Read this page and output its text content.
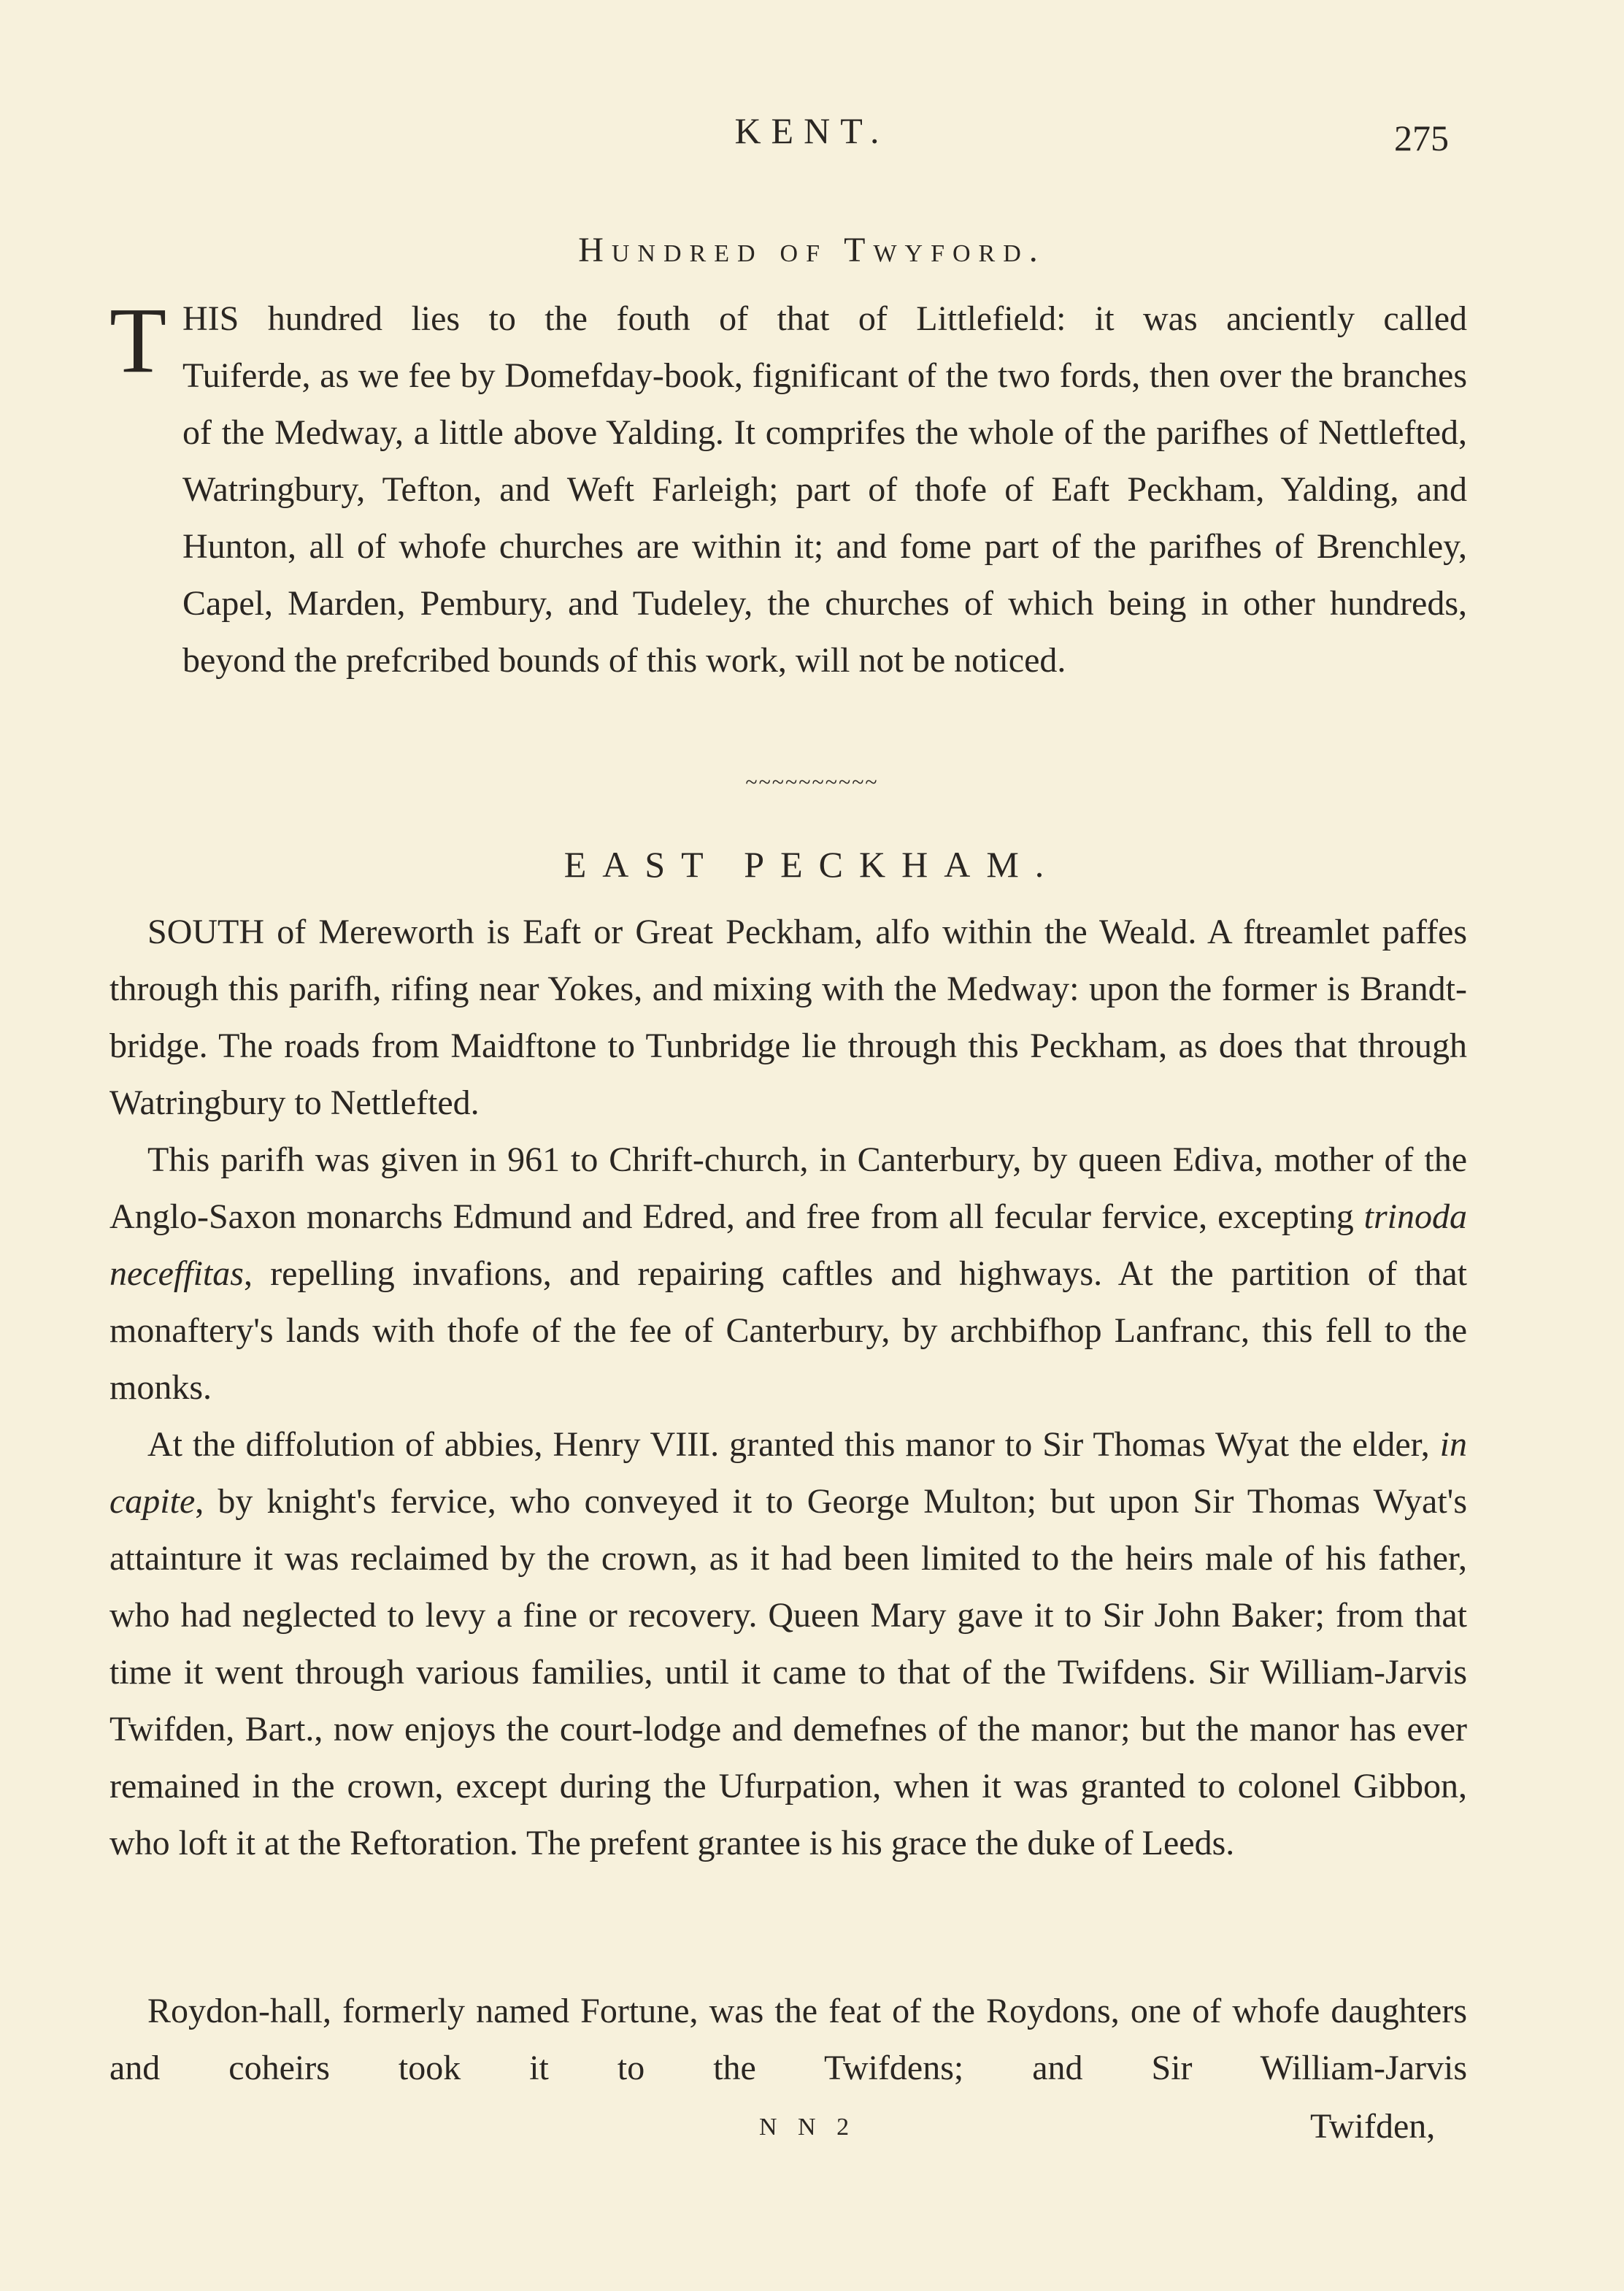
KENT.	275
Hundred of Twyford.
T HIS hundred lies to the fouth of that of Littlefield: it was anciently called
Tuiferde, as we fee by Domefday-book, fignificant of the two fords, then over the branches of the Medway, a little above Yalding. It comprifes the whole of the parifhes of Nettlefted, Watringbury, Tefton, and Weft Farleigh; part of thofe of Eaft Peckham, Yalding, and Hunton, all of whofe churches are within it; and fome part of the parifhes of Brenchley, Capel, Marden, Pembury, and Tudeley, the churches of which being in other hundreds, beyond the prefcribed bounds of this work, will not be noticed.
~~~~~~~~~~
EAST PECKHAM.
SOUTH of Mereworth is Eaft or Great Peckham, alfo within the Weald. A ftreamlet paffes through this parifh, rifing near Yokes, and mixing with the Medway: upon the former is Brandt-bridge. The roads from Maidftone to Tunbridge lie through this Peckham, as does that through Watringbury to Nettlefted.
This parifh was given in 961 to Chrift-church, in Canterbury, by queen Ediva, mother of the Anglo-Saxon monarchs Edmund and Edred, and free from all fecular fervice, excepting trinoda neceffitas, repelling invafions, and repairing caftles and highways. At the partition of that monaftery's lands with thofe of the fee of Canterbury, by archbifhop Lanfranc, this fell to the monks.
At the diffolution of abbies, Henry VIII. granted this manor to Sir Thomas Wyat the elder, in capite, by knight's fervice, who conveyed it to George Multon; but upon Sir Thomas Wyat's attainture it was reclaimed by the crown, as it had been limited to the heirs male of his father, who had neglected to levy a fine or recovery. Queen Mary gave it to Sir John Baker; from that time it went through various families, until it came to that of the Twifdens. Sir William-Jarvis Twifden, Bart., now enjoys the court-lodge and demefnes of the manor; but the manor has ever remained in the crown, except during the Ufurpation, when it was granted to colonel Gibbon, who loft it at the Reftoration. The prefent grantee is his grace the duke of Leeds.
Roydon-hall, formerly named Fortune, was the feat of the Roydons, one of whofe daughters and coheirs took it to the Twifdens; and Sir William-Jarvis
N N 2	Twifden,
